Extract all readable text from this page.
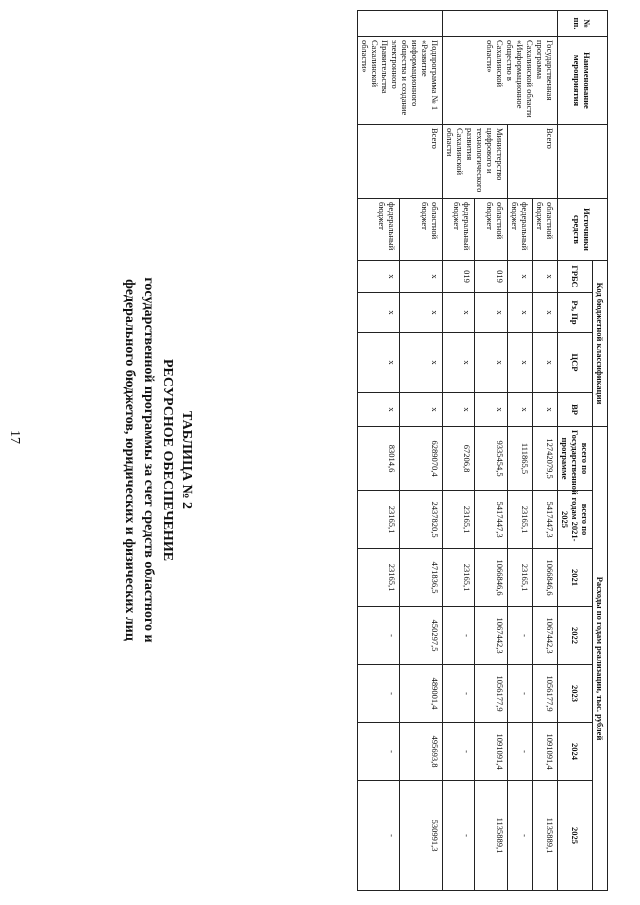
17	ТАБЛИЦА № 2
РЕСУРСНОЕ ОБЕСПЕЧЕНИЕ
государственной программы за счет средств областного и
федерального бюджетов, юридических и физических лиц
№ пп.	Наименование мероприятия		Источники средств	Код бюджетной классификации				Расходы по годам реализации, тыс. рублей						
				ГРБС	Рз, Пр	ЦСР	ВР	всего по Государственной программе	всего по годам 2021-2025	2021	2022	2023	2024	2025
	Государственная программа Сахалинской области «Информационное общество в Сахалинской области»	Всего	областной бюджет	x	x	x	x	12742079,5	5417447,3	1066846,6	1067442,3	1056177,9	1091091,4	1135889,1
			федеральный бюджет	x	x	x	x	111865,5	23165,1	23165,1	-	-	-	-
		Министерство цифрового и технологического развития Сахалинской области	областной бюджет	019	x	x	x	9335454,5	5417447,3	1066846,6	1067442,3	1056177,9	1091091,4	1135889,1
			федеральный бюджет	019	x	x	x	67206,8	23165,1	23165,1	-	-	-	-
	Подпрограмма № 1 «Развитие информационного общества и создание электронного Правительства Сахалинской области»	Всего	областной бюджет	x	x	x	x	6289070,4	2437820,5	471836,5	450297,5	489001,4	495693,8	530991,3
			федеральный бюджет	x	x	x	x	83014,6	23165,1	23165,1	-	-	-	-
